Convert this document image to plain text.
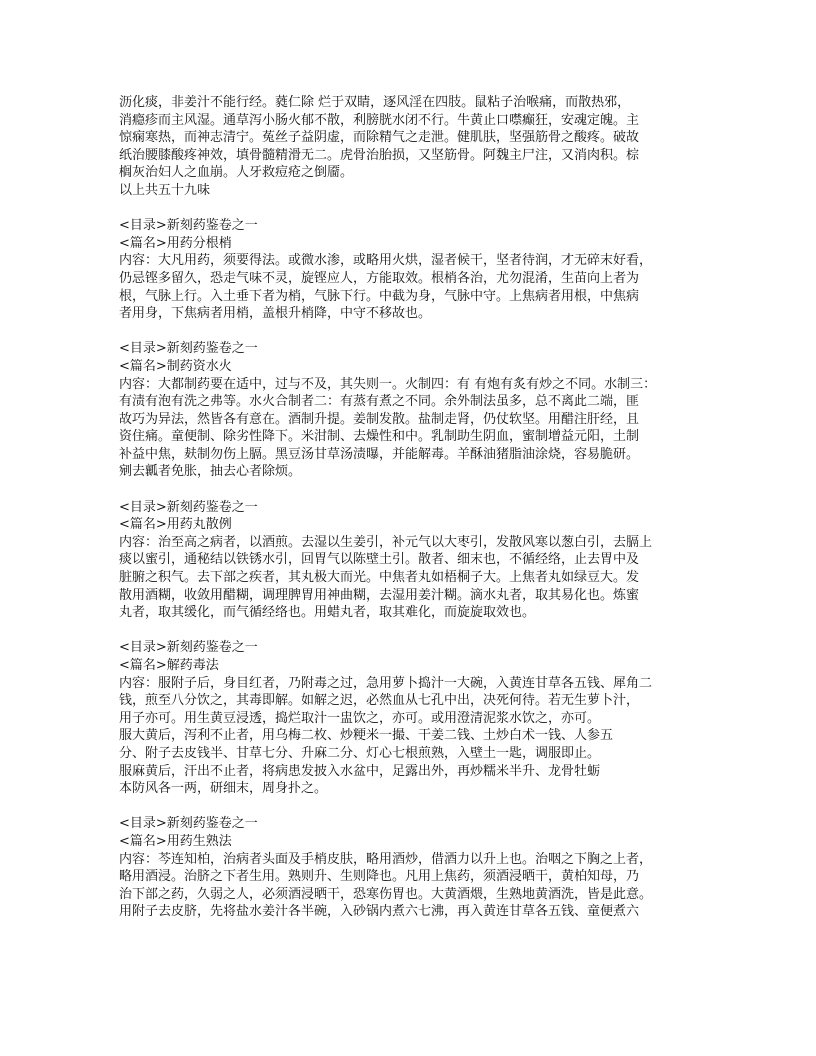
沥化痰，非姜汁不能行经。蕤仁除 烂于双睛，逐风淫在四肢。鼠粘子治喉痛，而散热邪，
消瘾疹而主风湿。通草泻小肠火郁不散，利膀胱水闭不行。牛黄止口噤癫狂，安魂定魄。主
惊痫寒热，而神志清宁。菟丝子益阴虚，而除精气之走泄。健肌肤，坚强筋骨之酸疼。破故
纸治腰膝酸疼神效，填骨髓精滑无二。虎骨治胎损，又坚筋骨。阿魏主尸注，又消肉积。棕
榈灰治妇人之血崩。人牙救痘疮之倒靥。
以上共五十九味
<目录>新刻药鉴卷之一
<篇名>用药分根梢
内容：大凡用药，须要得法。或微水渗，或略用火烘，湿者候干，坚者待润，才无碎末好看，
仍忌铿多留久，恐走气味不灵，旋铿应人，方能取效。根梢各治，尤勿混淆，生苗向上者为
根，气脉上行。入土垂下者为梢，气脉下行。中截为身，气脉中守。上焦病者用根，中焦病
者用身，下焦病者用梢，盖根升梢降，中守不移故也。
<目录>新刻药鉴卷之一
<篇名>制药资水火
内容：大都制药要在适中，过与不及，其失则一。火制四：有 有炮有炙有炒之不同。水制三：
有渍有泡有洗之弗等。水火合制者二：有蒸有煮之不同。余外制法虽多，总不离此二端，匪
故巧为异法，然皆各有意在。酒制升提。姜制发散。盐制走肾，仍仗软坚。用醋注肝经，且
资住痛。童便制、除劣性降下。米泔制、去燥性和中。乳制助生阴血，蜜制增益元阳，土制
补益中焦，麸制勿伤上膈。黑豆汤甘草汤渍曝，并能解毒。羊酥油猪脂油涂烧，容易脆研。
剜去瓤者免胀，抽去心者除烦。
<目录>新刻药鉴卷之一
<篇名>用药丸散例
内容：治至高之病者，以酒煎。去湿以生姜引，补元气以大枣引，发散风寒以葱白引，去膈上
痰以蜜引，通秘结以铁锈水引，回胃气以陈壁土引。散者、细末也，不循经络，止去胃中及
脏腑之积气。去下部之疾者，其丸极大而光。中焦者丸如梧桐子大。上焦者丸如绿豆大。发
散用酒糊，收敛用醋糊，调理脾胃用神曲糊，去湿用姜汁糊。滴水丸者，取其易化也。炼蜜
丸者，取其缓化，而气循经络也。用蜡丸者，取其难化，而旋旋取效也。
<目录>新刻药鉴卷之一
<篇名>解药毒法
内容：服附子后，身目红者，乃附毒之过，急用萝卜捣汁一大碗，入黄连甘草各五钱、犀角二
钱，煎至八分饮之，其毒即解。如解之迟，必然血从七孔中出，决死何待。若无生萝卜汁，
用子亦可。用生黄豆浸透，捣烂取汁一盅饮之，亦可。或用澄清泥浆水饮之，亦可。
服大黄后，泻利不止者，用乌梅二枚、炒粳米一撮、干姜二钱、土炒白术一钱、人参五
分、附子去皮钱半、甘草七分、升麻二分、灯心七根煎熟，入壁土一匙，调服即止。
服麻黄后，汗出不止者，将病患发披入水盆中，足露出外，再炒糯米半升、龙骨牡蛎
本防风各一两，研细末，周身扑之。
<目录>新刻药鉴卷之一
<篇名>用药生熟法
内容：芩连知柏，治病者头面及手梢皮肤，略用酒炒，借酒力以升上也。治咽之下胸之上者，
略用酒浸。治脐之下者生用。熟则升、生则降也。凡用上焦药，须酒浸晒干，黄柏知母，乃
治下部之药，久弱之人，必须酒浸晒干，恐寒伤胃也。大黄酒煨，生熟地黄酒洗，皆是此意。
用附子去皮脐，先将盐水姜汁各半碗，入砂锅内煮六七沸，再入黄连甘草各五钱、童便煮六
